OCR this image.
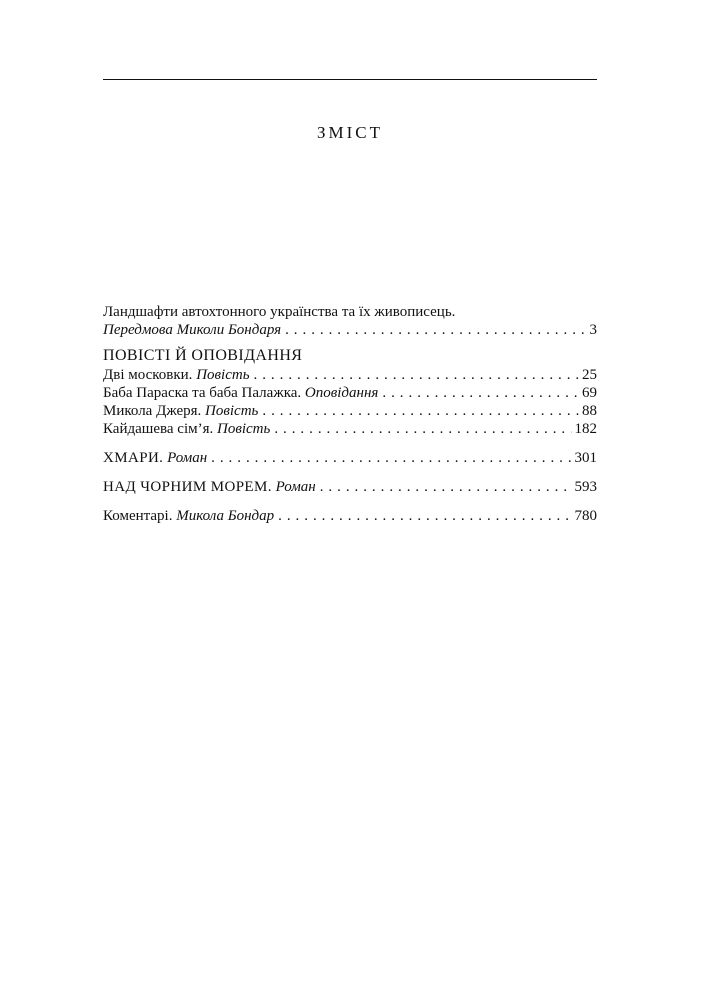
ЗМІСТ
Ландшафти автохтонного українства та їх живописець.
Передмова Миколи Бондаря . . .	3
ПОВІСТІ Й ОПОВІДАННЯ
Дві московки. Повість . . .	25
Баба Параска та баба Палажка. Оповідання . . .	69
Микола Джеря. Повість . . .	88
Кайдашева сім’я. Повість . . .	182
ХМАРИ. Роман . . .	301
НАД ЧОРНИМ МОРЕМ. Роман . . .	593
Коментарі. Микола Бондар . . .	780
